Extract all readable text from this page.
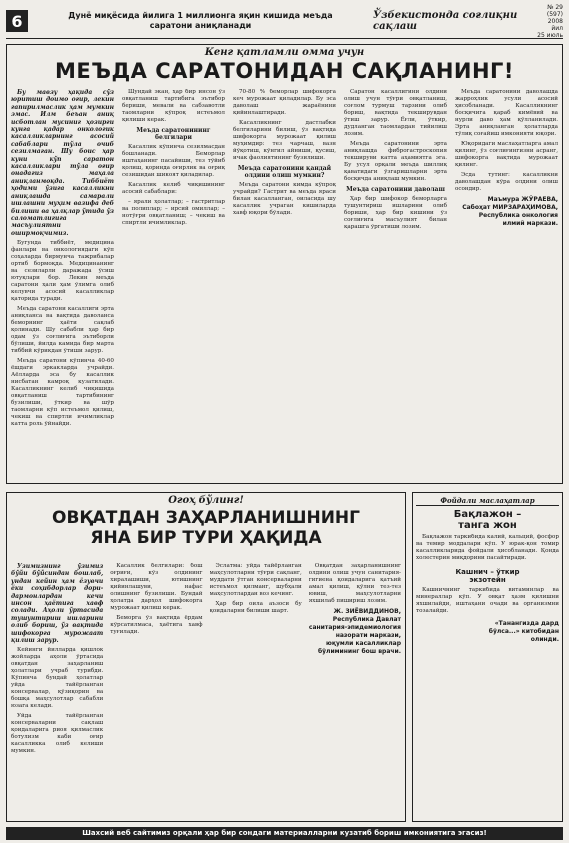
6	Дунё миқёсида йилига 1 миллионга яқин кишида меъда
саратони аниқланади
Ўзбекистонда соғлиқни сақлаш
№ 29 (597)
2008 йил
25 июль
Кенг қатламли омма учун
МЕЪДА САРАТОНИДАН САҚЛАНИНГ!

Бу мавзу ҳақида сўз юритиш доимо оғир, лекин гапирилмаслик ҳам мумкин эмас. Илм беъан аниқ исботлан мусиниг ҳозирги кунга қадар онкологик касалликларнинг асосий сабаблари тўла очиб сезилмаган. Шу боис ҳар куни кўп саратон касалликлари тўла оғир онадагиз маҳала аниқланмоқда. Тиббиёт ҳодими ўзига касалликни аниқлашда самарали ишлашни муҳим вазифа деб билиши ва ҳалқлар ўтида ўз саломатлигига масъулиятни оширмоқчимиз.

Бугунда тиббиёт, медицина фанлари ва онкологиядаги кўп соҳаларда бирмунча тажрибалар ортиб бормоқда. Медицинанинг ва сезиларли даражада ўсиш ютуқлари бор. Лекин меъда саратони ҳали ҳам ўлимга олиб келувчи асосий касалликлар қаторида туради.

Меъда саратони касаллиги эрта аниқланса ва вақтида даволанса беморнинг ҳаёти сақлаб қолинади. Шу сабабли ҳар бир одам ўз соғлиғига эътиборли бўлиши, йилда камида бир марта тиббий кўрикдан ўтиши зарур.

Меъда саратони кўпинча 40-60 ёшдаги эркакларда учрайди. Аёлларда эса бу касаллик нисбатан камроқ кузатилади. Касалликнинг келиб чиқишида овқатланиш тартибининг бузилиши, ўткир ва шўр таомларни кўп истеъмол қилиш, чекиш ва спиртли ичимликлар катта роль ўйнайди.

Шундай экан, ҳар бир инсон ўз овқатланиш тартибига эътибор бериши, мевали ва сабзавотли таомларни кўпроқ истеъмол қилиши керак.

Меъда саратонининг белгилари

Касаллик кўпинча сезилмасдан бошланади. Беморлар иштаҳанинг пасайиши, тез тўйиб қолиш, қоринда оғирлик ва оғриқ сезишидан шикоят қиладилар.

Касаллик келиб чиқишининг асосий сабаблари:

– ярали ҳолатлар; – гастритлар ва полиплар; – ирсий омиллар; – нотўғри овқатланиш; – чекиш ва спиртли ичимликлар.

70-80 % беморлар шифокорга кеч мурожаат қиладилар. Бу эса даволаш жараёнини қийинлаштиради.

Касалликнинг дастлабки белгиларини билиш, ўз вақтида шифокорга мурожаат қилиш муҳимдир: тез чарчаш, вазн йўқотиш, кўнгил айниши, қусиш, ичак фаолиятининг бузилиши.

Меъда саратонини қандай олдини олиш мумкин?

Меъда саратони кимда кўпроқ учрайди? Гастрит ва меъда яраси билан касалланган, оиласида шу касаллик учраган кишиларда хавф юқори бўлади.

Саратон касаллигини олдини олиш учун тўғри овқатланиш, соғлом турмуш тарзини олиб бориш, вақтида текширувдан ўтиш зарур. Ёғли, ўткир, дудланган таомлардан тийилиш лозим.

Меъда саратонини эрта аниқлашда фиброгастроскопия текшируви катта аҳамиятга эга. Бу усул орқали меъда шиллиқ қаватидаги ўзгаришларни эрта босқичда аниқлаш мумкин.

Меъда саратонини даволаш

Ҳар бир шифокор беморларга тушунтириш ишларини олиб бориши, ҳар бир кишини ўз соғлиғига масъулият билан қарашга ўргатиши лозим.

Меъда саратонини даволашда жарроҳлик усули асосий ҳисобланади. Касалликнинг босқичига қараб кимёвий ва нурли даво ҳам қўлланилади. Эрта аниқланган ҳолатларда тўлиқ соғайиш имконияти юқори.

Юқоридаги маслаҳатларга амал қилинг, ўз соғлиғингизни асранг, шифокорга вақтида мурожаат қилинг.

Эсда тутинг: касалликни даволашдан кўра олдини олиш осондир.

Маъмура ЖЎРАЕВА,
Сабоҳат МИРЗАРАҲИМОВА,
Республика онкология илмий маркази.
Огоҳ бўлинг!
ОВҚАТДАН ЗАҲАРЛАНИШНИНГ
ЯНА БИР ТУРИ ҲАҚИДА

Ўзимизнинг ўзимиз бўйи бўйсиндан бошлаб, ундан кейин ҳам ёзувчи ёки соҳибдорлар дори-дармонлардан кечи инсон ҳаётига хавф солади. Аҳоли ўртасида тушунтириш ишларини олиб бориш, ўз вақтида шифокорга мурожаат қилиш зарур.

Кейинги йилларда қишлоқ жойларда аҳоли ўртасида овқатдан заҳарланиш ҳолатлари учраб турибди. Кўпинча бундай ҳолатлар уйда тайёрланган консервалар, қўзиқорин ва бошқа маҳсулотлар сабабли юзага келади.

Уйда тайёрланган консерваларни сақлаш қоидаларига риоя қилмаслик ботулизм каби оғир касалликка олиб келиши мумкин.

Касаллик белгилари: бош оғриғи, кўз олдининг хиралашиши, ютишнинг қийинлашуви, нафас олишнинг бузилиши. Бундай ҳолатда дарҳол шифокорга мурожаат қилиш керак.

Беморга ўз вақтида ёрдам кўрсатилмаса, ҳаётига хавф туғилади.

Эслатма: уйда тайёрланган маҳсулотларни тўғри сақланг, муддати ўтган консерваларни истеъмол қилманг, шубҳали маҳсулотлардан воз кечинг.

Ҳар бир оила аъзоси бу қоидаларни билиши шарт.

Овқатдан заҳарланишнинг олдини олиш учун санитария-гигиена қоидаларига қатъий амал қилиш, қўлни тез-тез ювиш, маҳсулотларни яхшилаб пишириш лозим.

Ж. ЗИЁВИДДИНОВ,
Республика Давлат санитария-эпидемиология назорати маркази, юқумли касалликлар бўлимининг бош врачи.
Фойдали маслаҳатлар
Бақлажон –
танга жон

Бақлажон таркибида калий, кальций, фосфор ва темир моддалари кўп. У юрак-қон томир касалликларида фойдали ҳисобланади. Қонда холестерин миқдорини пасайтиради.

Кашнич – ўткир
экзотейн

Кашничнинг таркибида витаминлар ва минераллар кўп. У овқат ҳазм қилишни яхшилайди, иштаҳани очади ва организмни тозалайди.

«Танангизда дард
бўлса...» китобидан
олинди.
Шахсий веб сайтимиз орқали ҳар бир сондаги материалларни кузатиб бориш имкониятига эгасиз!
